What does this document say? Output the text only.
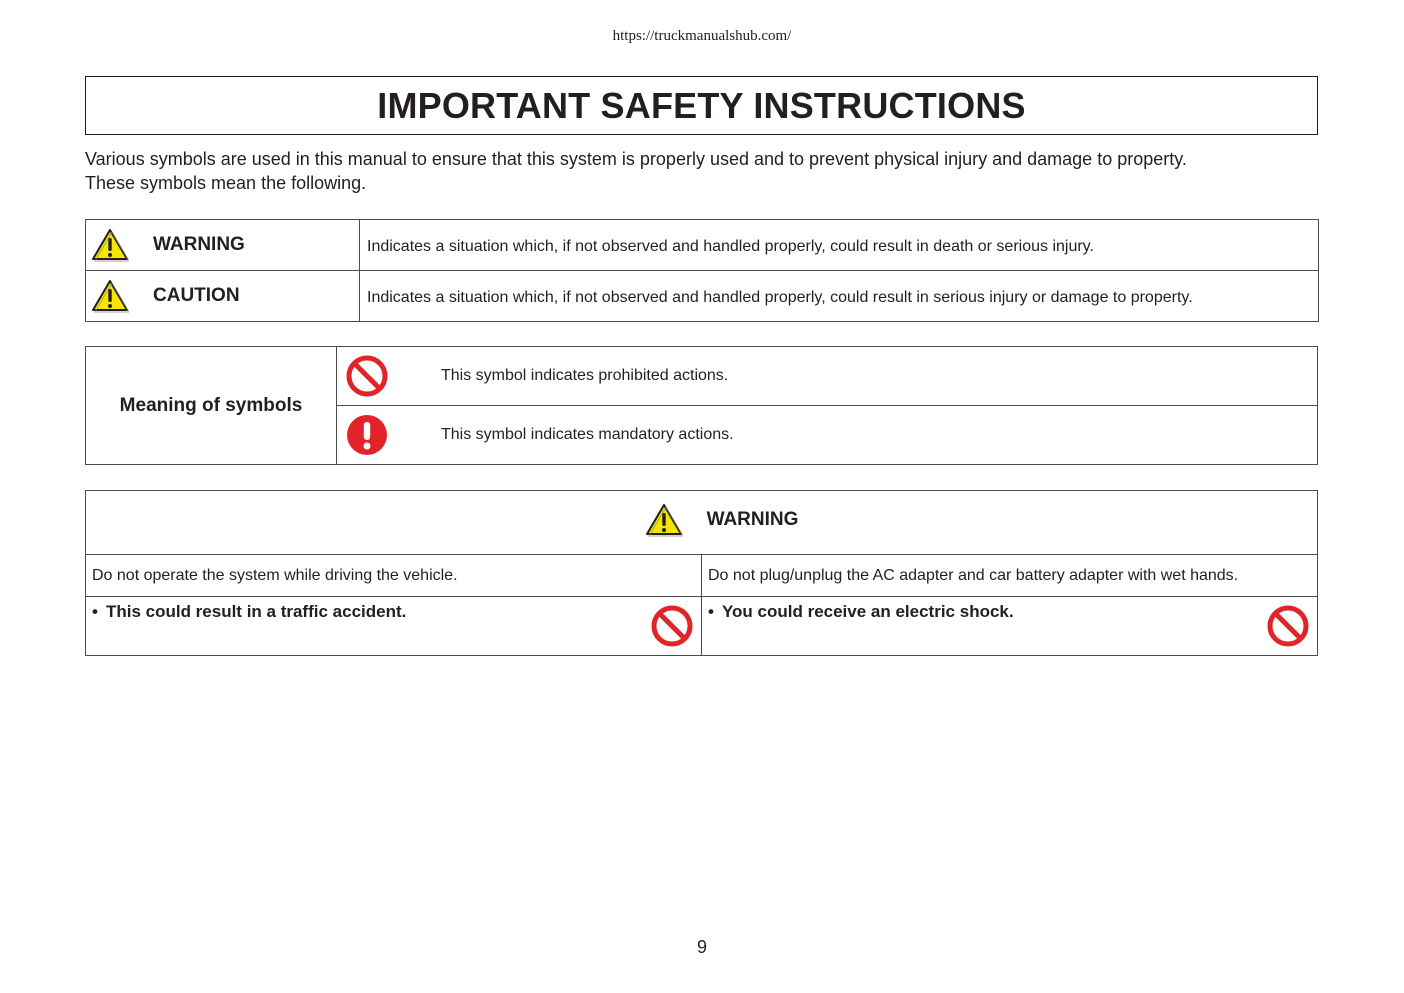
https://truckmanualshub.com/
IMPORTANT SAFETY INSTRUCTIONS

Various symbols are used in this manual to ensure that this system is properly used and to prevent physical injury and damage to property.

These symbols mean the following.

WARNING	Indicates a situation which, if not observed and handled properly, could result in death or serious injury.

CAUTION	Indicates a situation which, if not observed and handled properly, could result in serious injury or damage to property.
Meaning of symbols	
This symbol indicates prohibited actions.

This symbol indicates mandatory actions.
WARNING	

Do not operate the system while driving the vehicle.	Do not plug/unplug the AC adapter and car battery adapter with wet hands.

• This could result in a traffic accident.	• You could receive an electric shock.
9
